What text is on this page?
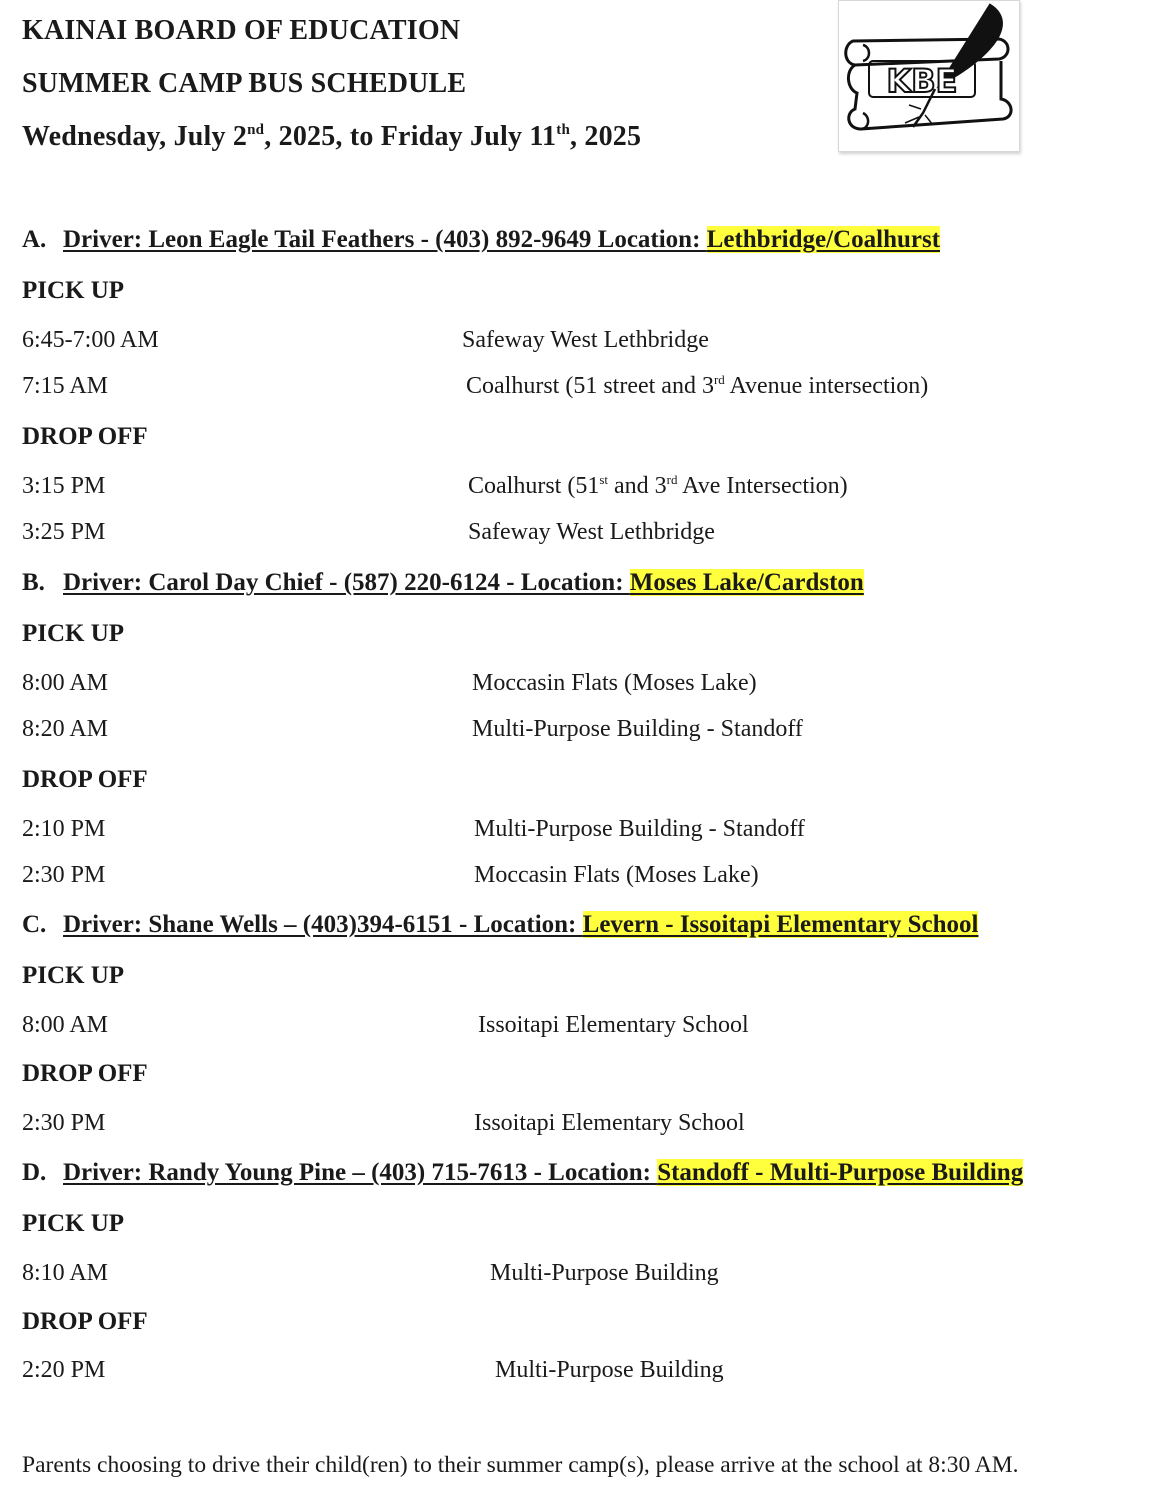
KAINAI BOARD OF EDUCATION
SUMMER CAMP BUS SCHEDULE
Wednesday, July 2nd, 2025, to Friday July 11th, 2025
KBE
A. Driver: Leon Eagle Tail Feathers - (403) 892-9649 Location: Lethbridge/Coalhurst
PICK UP
6:45-7:00 AM	Safeway West Lethbridge
7:15 AM	Coalhurst (51 street and 3rd Avenue intersection)
DROP OFF
3:15 PM	Coalhurst (51st and 3rd Ave Intersection)
3:25 PM	Safeway West Lethbridge
B. Driver: Carol Day Chief - (587) 220-6124 - Location: Moses Lake/Cardston
PICK UP
8:00 AM	Moccasin Flats (Moses Lake)
8:20 AM	Multi-Purpose Building - Standoff
DROP OFF
2:10 PM	Multi-Purpose Building - Standoff
2:30 PM	Moccasin Flats (Moses Lake)
C. Driver: Shane Wells – (403)394-6151 - Location: Levern - Issoitapi Elementary School
PICK UP
8:00 AM	Issoitapi Elementary School
DROP OFF
2:30 PM	Issoitapi Elementary School
D. Driver: Randy Young Pine – (403) 715-7613 - Location: Standoff - Multi-Purpose Building
PICK UP
8:10 AM	Multi-Purpose Building
DROP OFF
2:20 PM	Multi-Purpose Building
Parents choosing to drive their child(ren) to their summer camp(s), please arrive at the school at 8:30 AM.
